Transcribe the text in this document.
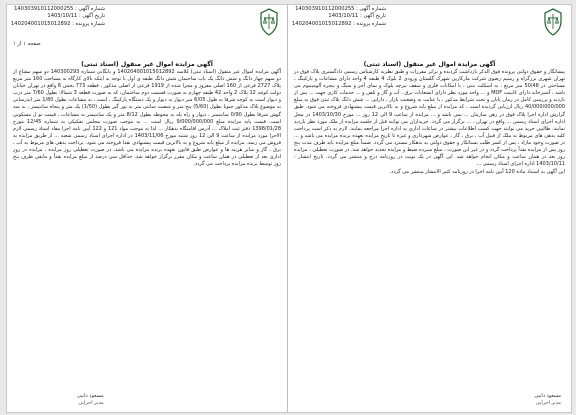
شماره آگهی : 140303910112000255
تاریخ آگهی : 1403/10/11
شماره پرونده : 140204001015012892
صفحه ۱ از ۱

آگهی مزایده اموال غیر منقول (اسناد ثبتی)

آگهی مزایده اموال غیر منقول (اسناد ثبتی) کلاسه 140204001015012892 و بایگانی شماره 140300293 دو سهم مشاع از دو سهم چهار دانگ و شش دانگ یک باب ساختمان شش دانگ طبقه ی اول با توجه به اینکه بالای کارگاه به مساحت 160 متر مربع پلاک 2727 فرعی از 160 اصلی مفروز و مجزا شده از 1919 فرعی از اصلی مذکور ، قطعه 773 بخش 6 واقع در تهران خیابان دولت کوچه 12 پلاک 2 واحد 42 طبقه چهارم به صورت قسمت دوم ساختمان، که به صورت قطعه 3 شمالا: بطول 7/60 متر درب و دیوار است به کوچه شرقا به طول 6/05 متر دیوار به دیوار و یک دستگاه پارکینگ ، است ، به مشاعات بطول 1/80 متر اندرسانی به موضوع پلاک مذکور جنوبا بطول (5/60) پنج متر و شصت سانتی متر به نور گیر بطول (1/50) یک متر و پنجاه سانتیمتر ، به سه گوش شرقا بطول 0/90 سانتیمتر ، دیوار و راه پله به محوطه بطول 8/12 متر و یک سانتیمتر به مشاعات ، قیمت تو ل مسکونی است. قیمت پایه مزایده مبلغ 9/000/000/000 ریال است ... به موجب صورت مجلس تفکیکی به شماره 12/45 مورخ 1398/01/28 دفتر ثبت املاک ... آدرس اقامتگاه بدهکار ... لذا به موجب مواد 121 و 122 آیین نامه اجرا مفاد اسناد رسمی لازم الاجرا مورد مزایده از ساعت 9 الی 12 روز شنبه مورخ 1403/11/06 در اداره اجرای اسناد رسمی شعبه ... از طریق مزایده به فروش می رسد. مزایده از مبلغ پایه شروع و به بالاترین قیمت پیشنهادی نقدا فروخته می شود. پرداخت بدهی های مربوط به آب ، برق ، گاز و سایر هزینه ها و عوارض طبق قانون بعهده برنده مزایده می باشد. در صورت تعطیلی روز مزایده ، مزایده در روز اداری بعد از تعطیلی در همان ساعت و مکان مقرر برگزار خواهد شد. حداقل سی درصد از مبلغ مزایده نقداً و مابقی ظرف پنج روز توسط برنده مزایده پرداخت می گردد.

مسعود دانیی
مدیر اجرایی
شماره آگهی : 140303910112000255
تاریخ آگهی : 1403/10/11
شماره پرونده : 140204001015012892

آگهی مزایده اموال غیر منقول (اسناد ثبتی)

پیشانگار و حقوق دولتی پرونده فوق الذکر بازداشت گردیده و برابر مقررات و طبق نظریه کارشناس رسمی دادگستری پلاک فوق در تهران شهری بزرگراه و رسیم رضوی شرکت مارکارین شهرک گلستان ورودی 2 بلوک 4 طبقه 4 واحد دارای مشاعات و پارکینگ ، مساحتی در 50/48 متر مربع ، به اسکلت بتنی ، با امکانات فلزی و سقف تیرچه بلوک و نمای آجر و سنگ و پنجره آلومینیوم می باشد ، آشپزخانه دارای کابینت MDF و ... واحد مورد نظر دارای انشعابات برق ، آب و گاز و تلفن و ... خدمات کاری جهت ... پس از بازدید و بررسی کامل در زمان پایان و تحت شرایط مذکور ، با عنایت به وضعیت بازار ، دارایی ... شش دانگ پلاک ثبتی فوق به مبلغ 40/000/000/000 ریال ارزیابی گردیده است ، که مزایده از مبلغ پایه شروع و به بالاترین قیمت پیشنهادی فروخته می شود. طبق گزارش اداره اجرا پلاک فوق در رهن سازمان ... نمی باشد و ... مزایده از ساعت 9 الی 12 روز ... مورخ 1403/10/30 در محل اداره اجرای اسناد رسمی ... واقع در تهران ، ... برگزار می گردد. خریداران می توانند قبل از جلسه مزایده از ملک مورد نظر بازدید نمایند. طالبین خرید می توانند جهت کسب اطلاعات بیشتر در ساعات اداری به اداره اجرا مراجعه نمایند. لازم به ذکر است پرداخت کلیه بدهی های مربوط به ملک از قبیل آب ، برق ، گاز ، عوارض شهرداری و غیره تا تاریخ مزایده بعهده برنده مزایده می باشد و ... در صورت وجود مازاد ، پس از کسر طلب بستانکار و حقوق دولتی به بدهکار مسترد می گردد. ضمناً مبلغ مزایده باید ظرف مدت پنج روز پس از مزایده نقداً پرداخت گردد و در غیر این صورت ، مبلغ سپرده ضبط و مزایده تجدید خواهد شد. در صورت تعطیلی ، مزایده روز بعد در همان ساعت و مکان انجام خواهد شد. این آگهی در یک نوبت در روزنامه درج و منتشر می گردد. تاریخ انتشار : 1403/10/11 اداره اجرای اسناد رسمی ...

این آگهی به استناد ماده 120 آیین نامه اجرا در روزنامه کثیر الانتشار منتشر می گردد.

مسعود دانیی
مدیر اجرایی
